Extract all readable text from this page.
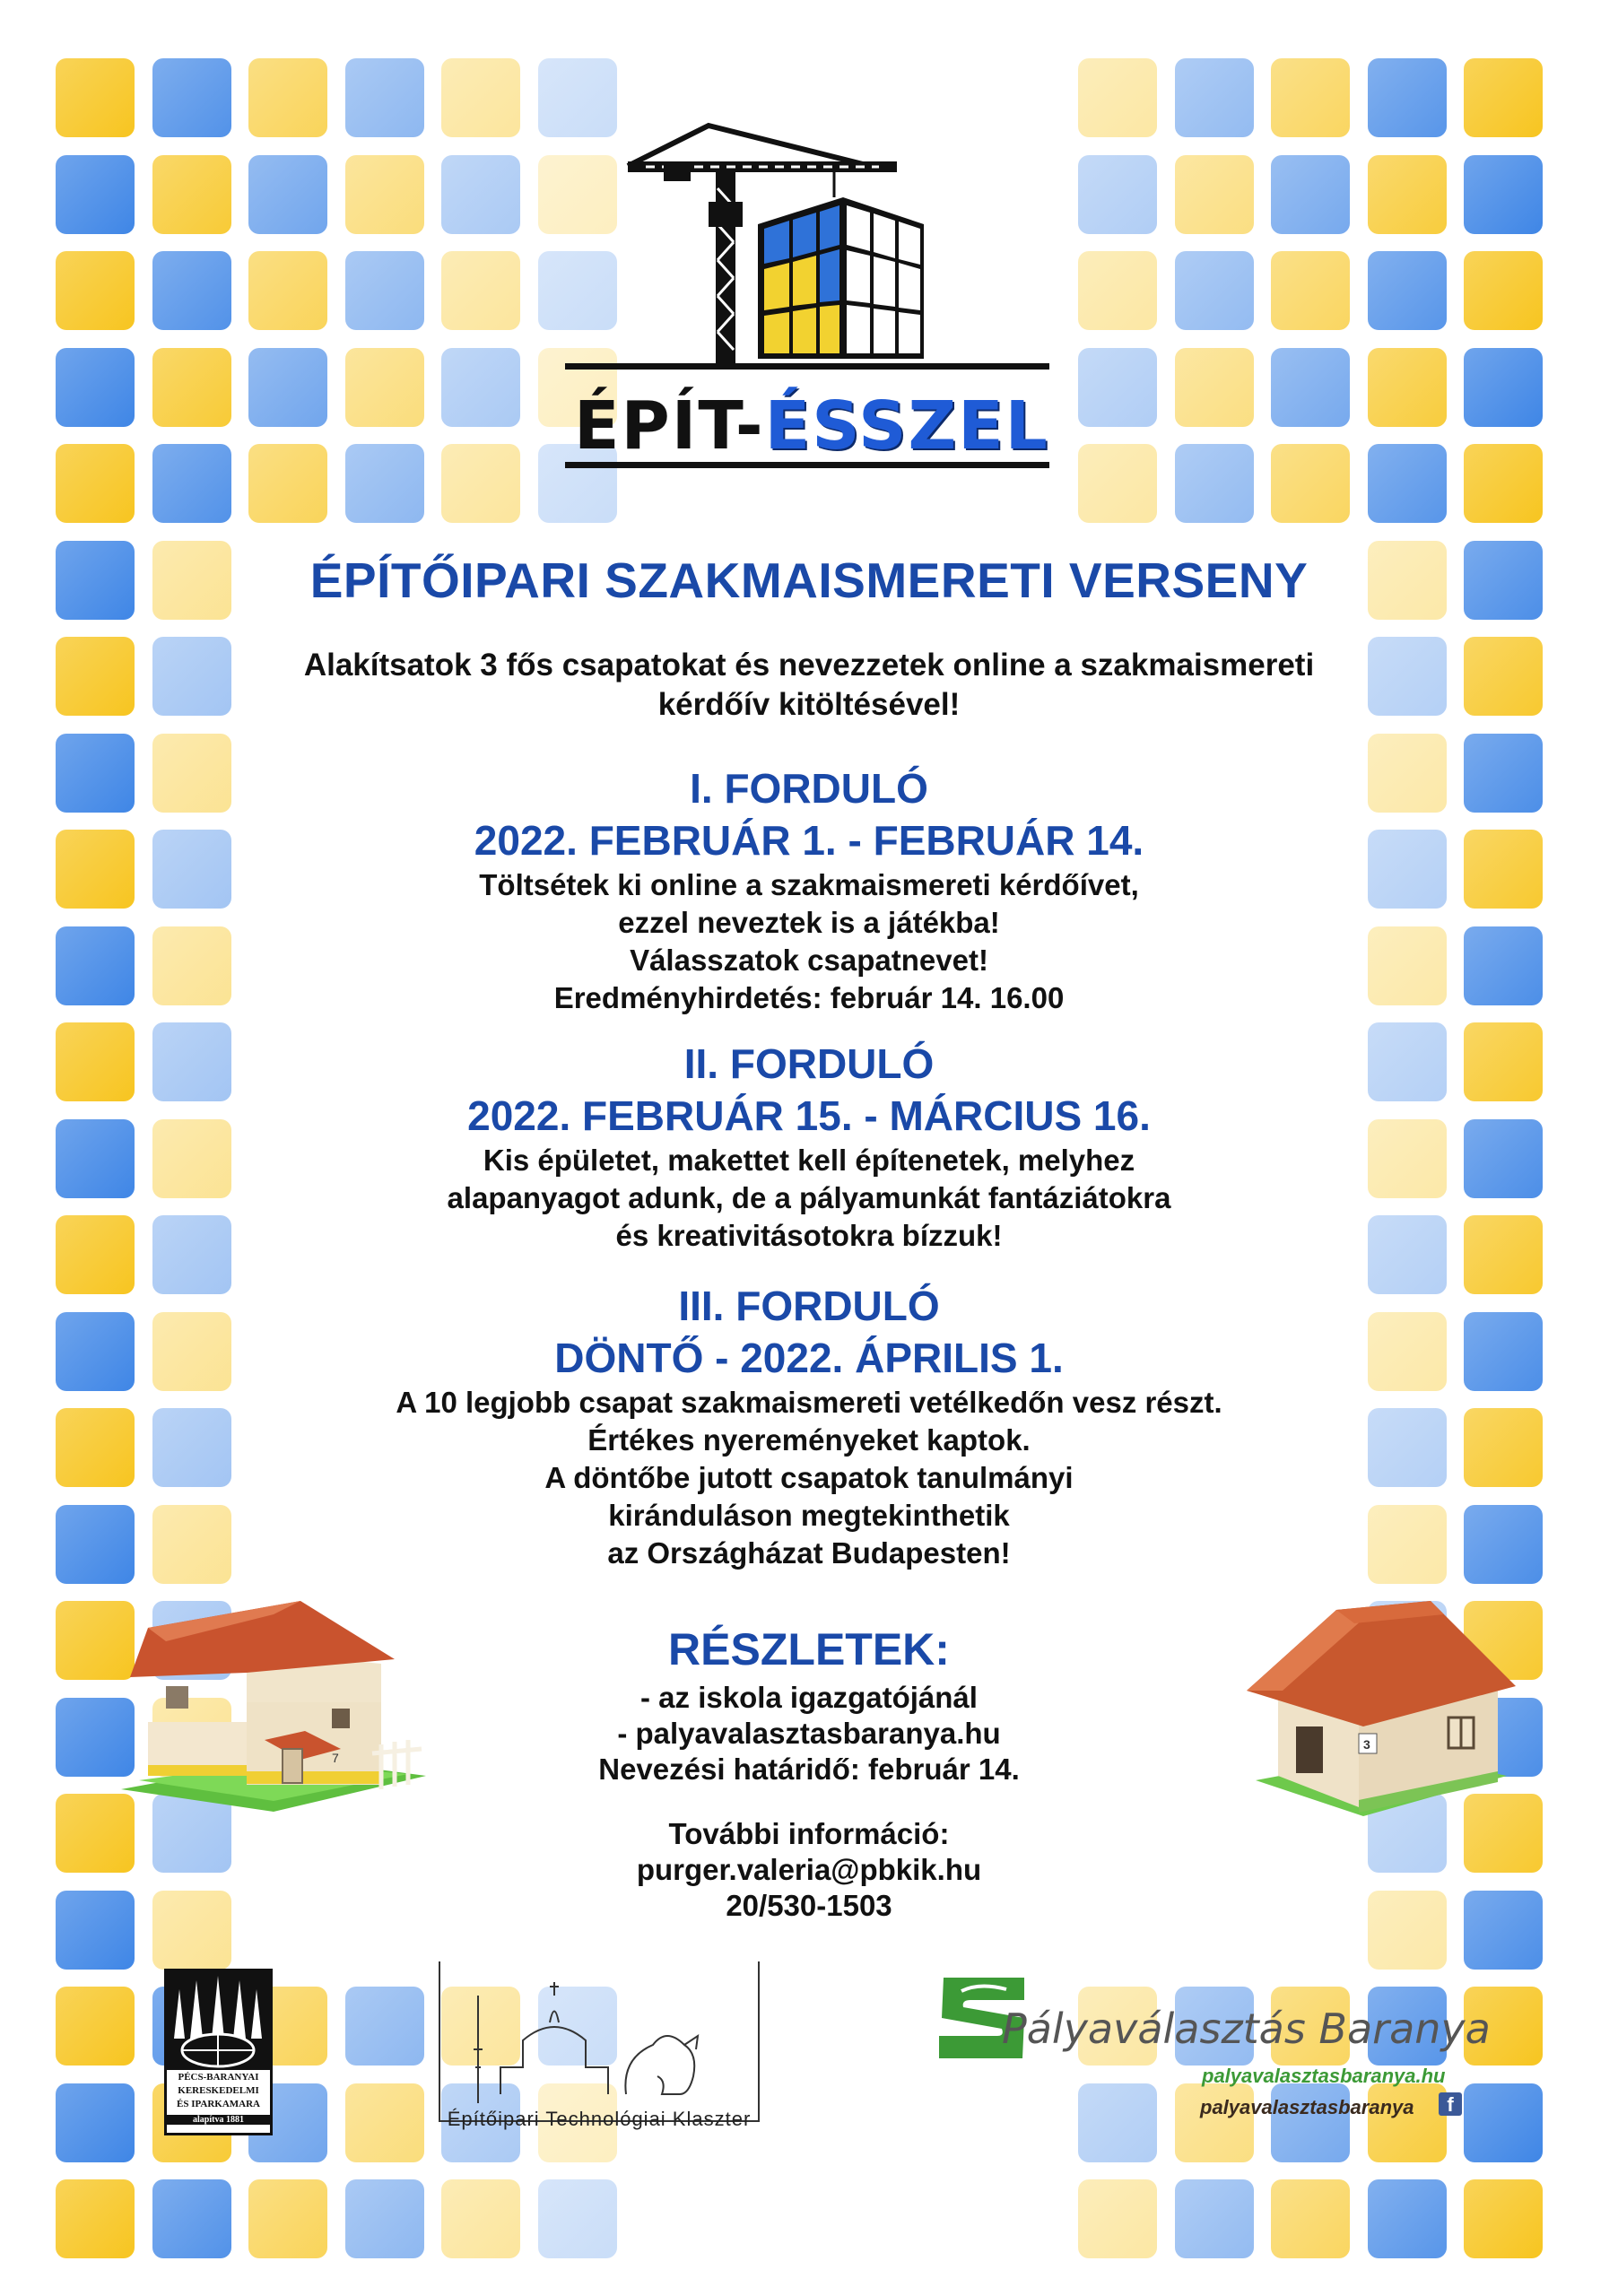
ÉPÍT-ÉSSZEL
ÉPÍTŐIPARI SZAKMAISMERETI VERSENY
Alakítsatok 3 fős csapatokat és nevezzetek online a szakmaismereti
kérdőív kitöltésével!
I. FORDULÓ
2022. FEBRUÁR 1. - FEBRUÁR 14.
Töltsétek ki online a szakmaismereti kérdőívet,
ezzel neveztek is a játékba!
Válasszatok csapatnevet!
Eredményhirdetés: február 14. 16.00
II. FORDULÓ
2022. FEBRUÁR 15. - MÁRCIUS 16.
Kis épületet, makettet kell építenetek, melyhez
alapanyagot adunk, de a pályamunkát fantáziátokra
és kreativitásotokra bízzuk!
III. FORDULÓ
DÖNTŐ - 2022. ÁPRILIS 1.
A 10 legjobb csapat szakmaismereti vetélkedőn vesz részt.
Értékes nyereményeket kaptok.
A döntőbe jutott csapatok tanulmányi
kiránduláson megtekinthetik
az Országházat Budapesten!
7
3
RÉSZLETEK:
- az iskola igazgatójánál
- palyavalasztasbaranya.hu
Nevezési határidő: február 14.
További információ:
purger.valeria@pbkik.hu
20/530-1503
PÉCS-BARANYAI
KERESKEDELMI
ÉS IPARKAMARA
alapítva 1881	Építőipari Technológiai Klaszter
Pályaválasztás Baranya
palyavalasztasbaranya.hu
palyavalasztasbaranya	f
